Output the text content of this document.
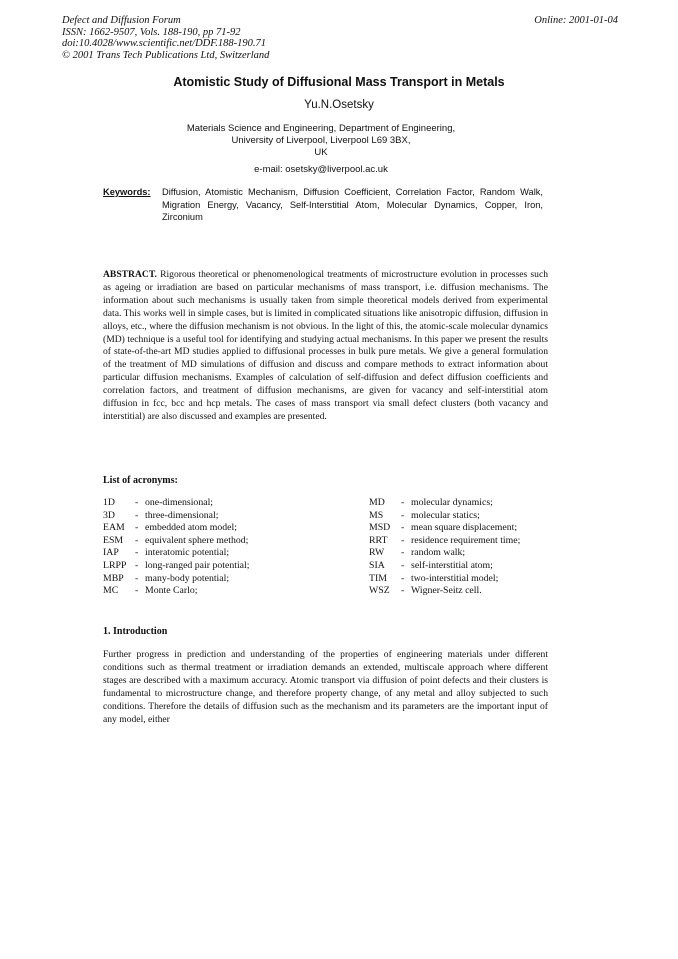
Defect and Diffusion Forum
ISSN: 1662-9507, Vols. 188-190, pp 71-92
doi:10.4028/www.scientific.net/DDF.188-190.71
© 2001 Trans Tech Publications Ltd, Switzerland
Online: 2001-01-04
Atomistic Study of Diffusional Mass Transport in Metals
Yu.N.Osetsky
Materials Science and Engineering, Department of Engineering,
University of Liverpool, Liverpool L69 3BX,
UK
e-mail: osetsky@liverpool.ac.uk
Keywords:	Diffusion, Atomistic Mechanism, Diffusion Coefficient, Correlation Factor, Random Walk, Migration Energy, Vacancy, Self-Interstitial Atom, Molecular Dynamics, Copper, Iron, Zirconium
ABSTRACT. Rigorous theoretical or phenomenological treatments of microstructure evolution in processes such as ageing or irradiation are based on particular mechanisms of mass transport, i.e. diffusion mechanisms. The information about such mechanisms is usually taken from simple theoretical models derived from experimental data. This works well in simple cases, but is limited in complicated situations like anisotropic diffusion, diffusion in alloys, etc., where the diffusion mechanism is not obvious. In the light of this, the atomic-scale molecular dynamics (MD) technique is a useful tool for identifying and studying actual mechanisms. In this paper we present the results of state-of-the-art MD studies applied to diffusional processes in bulk pure metals. We give a general formulation of the treatment of MD simulations of diffusion and discuss and compare methods to extract information about particular diffusion mechanisms. Examples of calculation of self-diffusion and defect diffusion coefficients and correlation factors, and treatment of diffusion mechanisms, are given for vacancy and self-interstitial atom diffusion in fcc, bcc and hcp metals. The cases of mass transport via small defect clusters (both vacancy and interstitial) are also discussed and examples are presented.
List of acronyms:
1D	- one-dimensional;
3D	- three-dimensional;
EAM	- embedded atom model;
ESM	- equivalent sphere method;
IAP	- interatomic potential;
LRPP - long-ranged pair potential;
MBP	- many-body potential;
MC	- Monte Carlo;
MD	- molecular dynamics;
MS	- molecular statics;
MSD	- mean square displacement;
RRT	- residence requirement time;
RW	- random walk;
SIA	- self-interstitial atom;
TIM	- two-interstitial model;
WSZ	- Wigner-Seitz cell.
1. Introduction
Further progress in prediction and understanding of the properties of engineering materials under different conditions such as thermal treatment or irradiation demands an extended, multiscale approach where different stages are described with a maximum accuracy. Atomic transport via diffusion of point defects and their clusters is fundamental to microstructure change, and therefore property change, of any metal and alloy subjected to such conditions. Therefore the details of diffusion such as the mechanism and its parameters are the important input of any model, either
